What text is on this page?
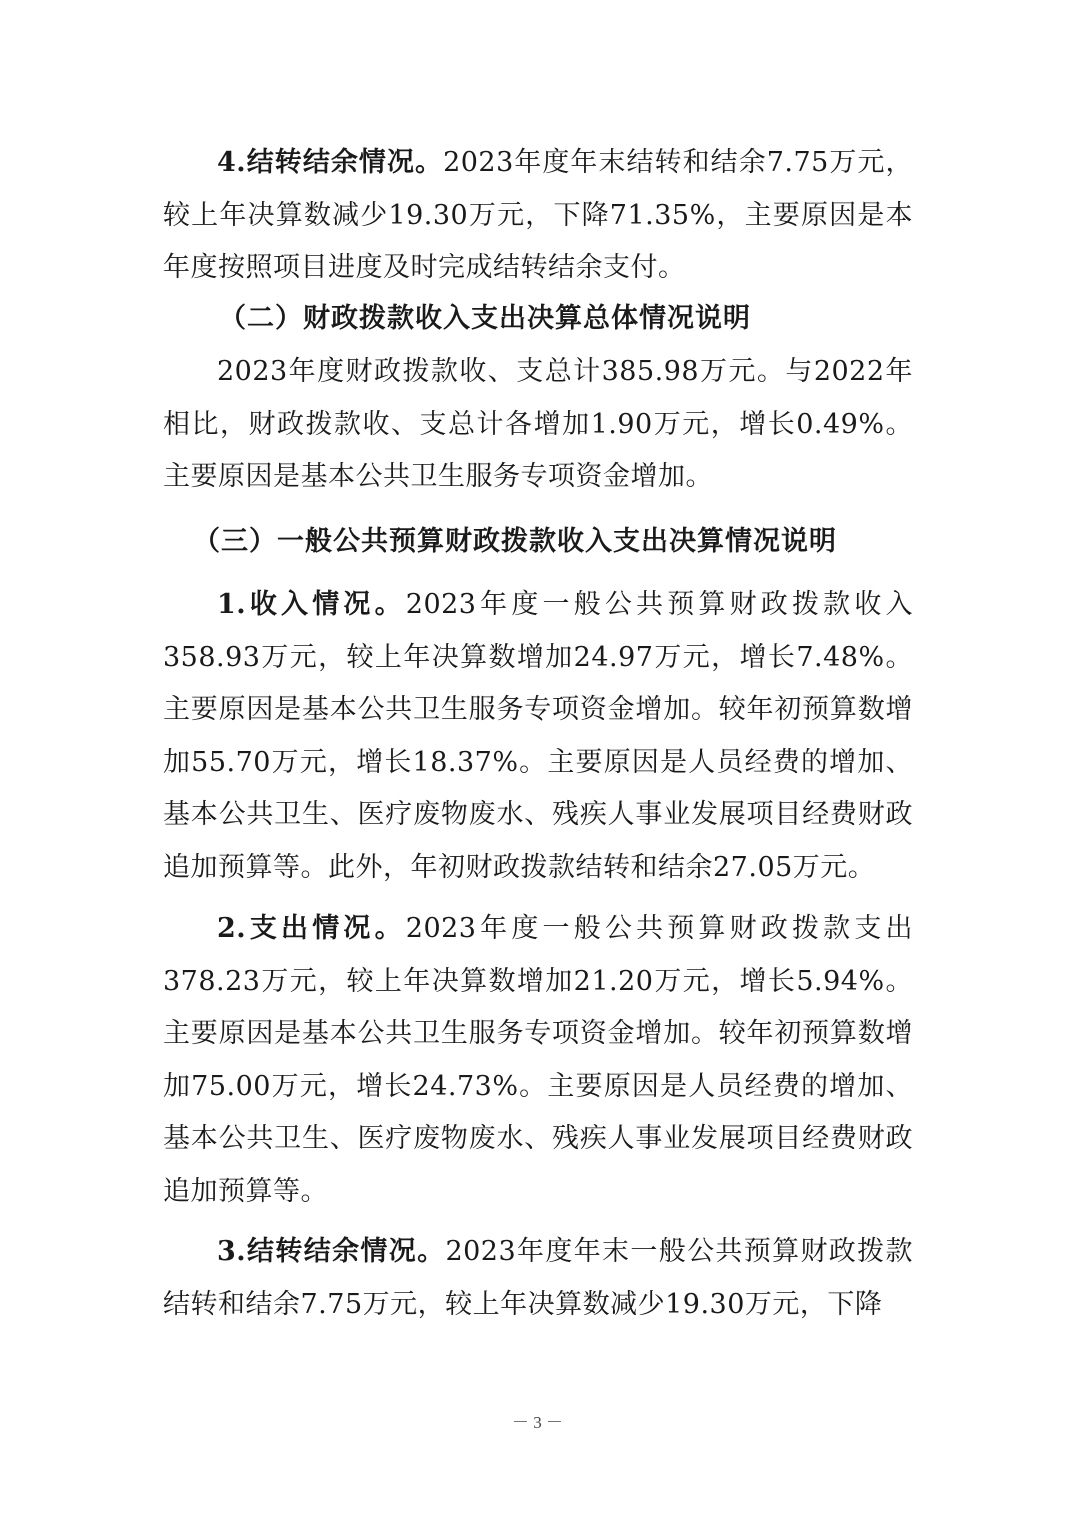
4.结转结余情况。2023年度年末结转和结余7.75万元，较上年决算数减少19.30万元，下降71.35%，主要原因是本年度按照项目进度及时完成结转结余支付。

（二）财政拨款收入支出决算总体情况说明

2023年度财政拨款收、支总计385.98万元。与2022年相比，财政拨款收、支总计各增加1.90万元，增长0.49%。主要原因是基本公共卫生服务专项资金增加。

（三）一般公共预算财政拨款收入支出决算情况说明

1.收入情况。2023年度一般公共预算财政拨款收入358.93万元，较上年决算数增加24.97万元，增长7.48%。主要原因是基本公共卫生服务专项资金增加。较年初预算数增加55.70万元，增长18.37%。主要原因是人员经费的增加、基本公共卫生、医疗废物废水、残疾人事业发展项目经费财政追加预算等。此外，年初财政拨款结转和结余27.05万元。

2.支出情况。2023年度一般公共预算财政拨款支出378.23万元，较上年决算数增加21.20万元，增长5.94%。主要原因是基本公共卫生服务专项资金增加。较年初预算数增加75.00万元，增长24.73%。主要原因是人员经费的增加、基本公共卫生、医疗废物废水、残疾人事业发展项目经费财政追加预算等。

3.结转结余情况。2023年度年末一般公共预算财政拨款结转和结余7.75万元，较上年决算数减少19.30万元，下降

－ 3 －
